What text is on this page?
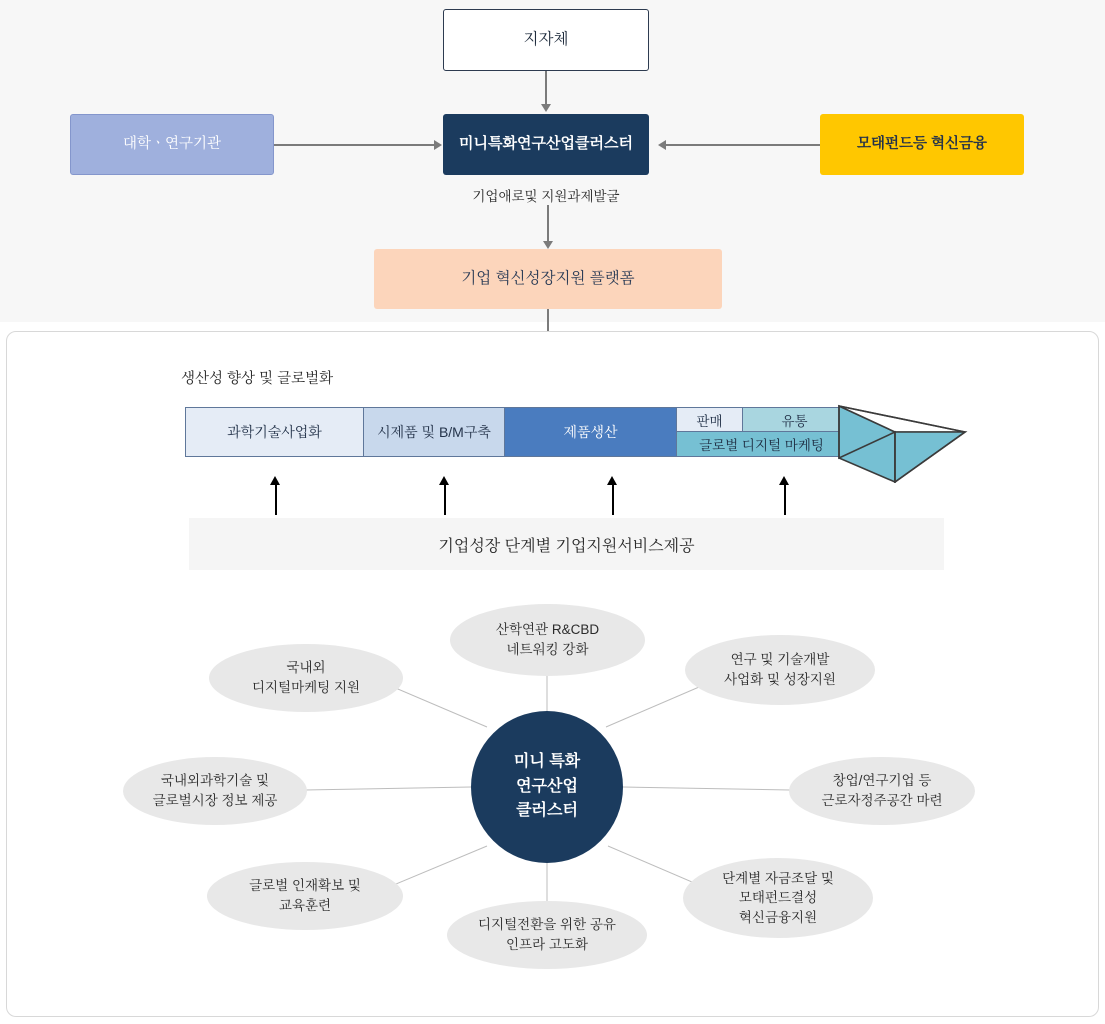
지자체
대학ㆍ연구기관	미니특화연구산업클러스터	모태펀드등 혁신금융
기업애로및 지원과제발굴
기업 혁신성장지원 플랫폼
생산성 향상 및 글로벌화
과학기술사업화	시제품 및 B/M구축	제품생산
판매	유통
글로벌 디지털 마케팅
기업성장 단계별 기업지원서비스제공
미니 특화
연구산업
클러스터
산학연관 R&CBD
네트워킹 강화
연구 및 기술개발
사업화 및 성장지원
창업/연구기업 등
근로자정주공간 마련
단계별 자금조달 및
모태펀드결성
혁신금융지원
디지털전환을 위한 공유
인프라 고도화
글로벌 인재확보 및
교육훈련
국내외과학기술 및
글로벌시장 정보 제공
국내외
디지털마케팅 지원
